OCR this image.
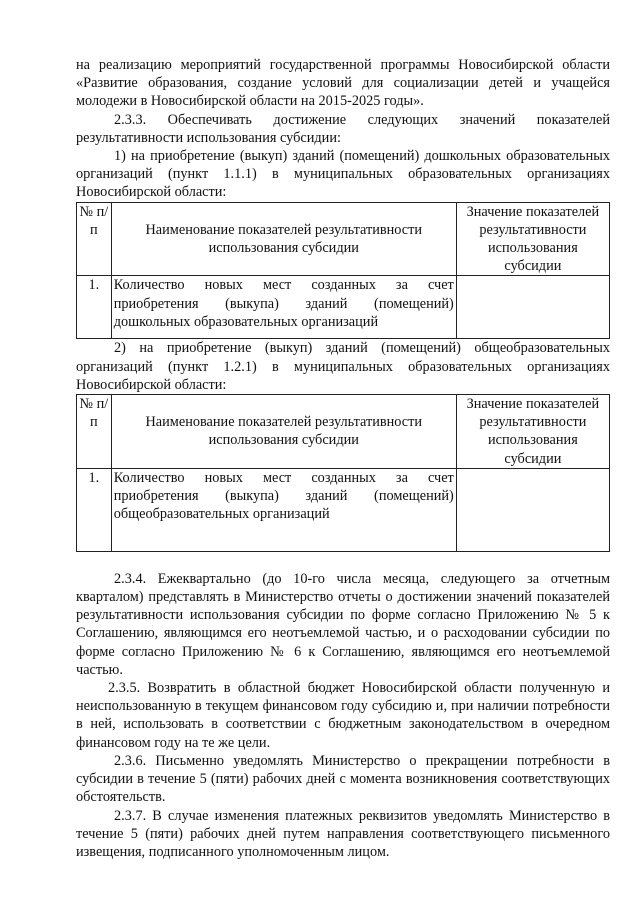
на реализацию мероприятий государственной программы Новосибирской области «Развитие образования, создание условий для социализации детей и учащейся молодежи в Новосибирской области на 2015-2025 годы».

2.3.3. Обеспечивать достижение следующих значений показателей результативности использования субсидии:

1) на приобретение (выкуп) зданий (помещений) дошкольных образовательных организаций (пункт 1.1.1) в муниципальных образовательных организациях Новосибирской области:

№ п/п	Наименование показателей результативности использования субсидии	Значение показателей результативности использования субсидии
1.	Количество новых мест созданных за счет приобретения (выкупа) зданий (помещений) дошкольных образовательных организаций	

2) на приобретение (выкуп) зданий (помещений) общеобразовательных организаций (пункт 1.2.1) в муниципальных образовательных организациях Новосибирской области:

№ п/п	Наименование показателей результативности использования субсидии	Значение показателей результативности использования субсидии
1.	Количество новых мест созданных за счет приобретения (выкупа) зданий (помещений) общеобразовательных организаций	

2.3.4. Ежеквартально (до 10-го числа месяца, следующего за отчетным кварталом) представлять в Министерство отчеты о достижении значений показателей результативности использования субсидии по форме согласно Приложению № 5 к Соглашению, являющимся его неотъемлемой частью, и о расходовании субсидии по форме согласно Приложению № 6 к Соглашению, являющимся его неотъемлемой частью.

2.3.5. Возвратить в областной бюджет Новосибирской области полученную и неиспользованную в текущем финансовом году субсидию и, при наличии потребности в ней, использовать в соответствии с бюджетным законодательством в очередном финансовом году на те же цели.

2.3.6. Письменно уведомлять Министерство о прекращении потребности в субсидии в течение 5 (пяти) рабочих дней с момента возникновения соответствующих обстоятельств.

2.3.7. В случае изменения платежных реквизитов уведомлять Министерство в течение 5 (пяти) рабочих дней путем направления соответствующего письменного извещения, подписанного уполномоченным лицом.
